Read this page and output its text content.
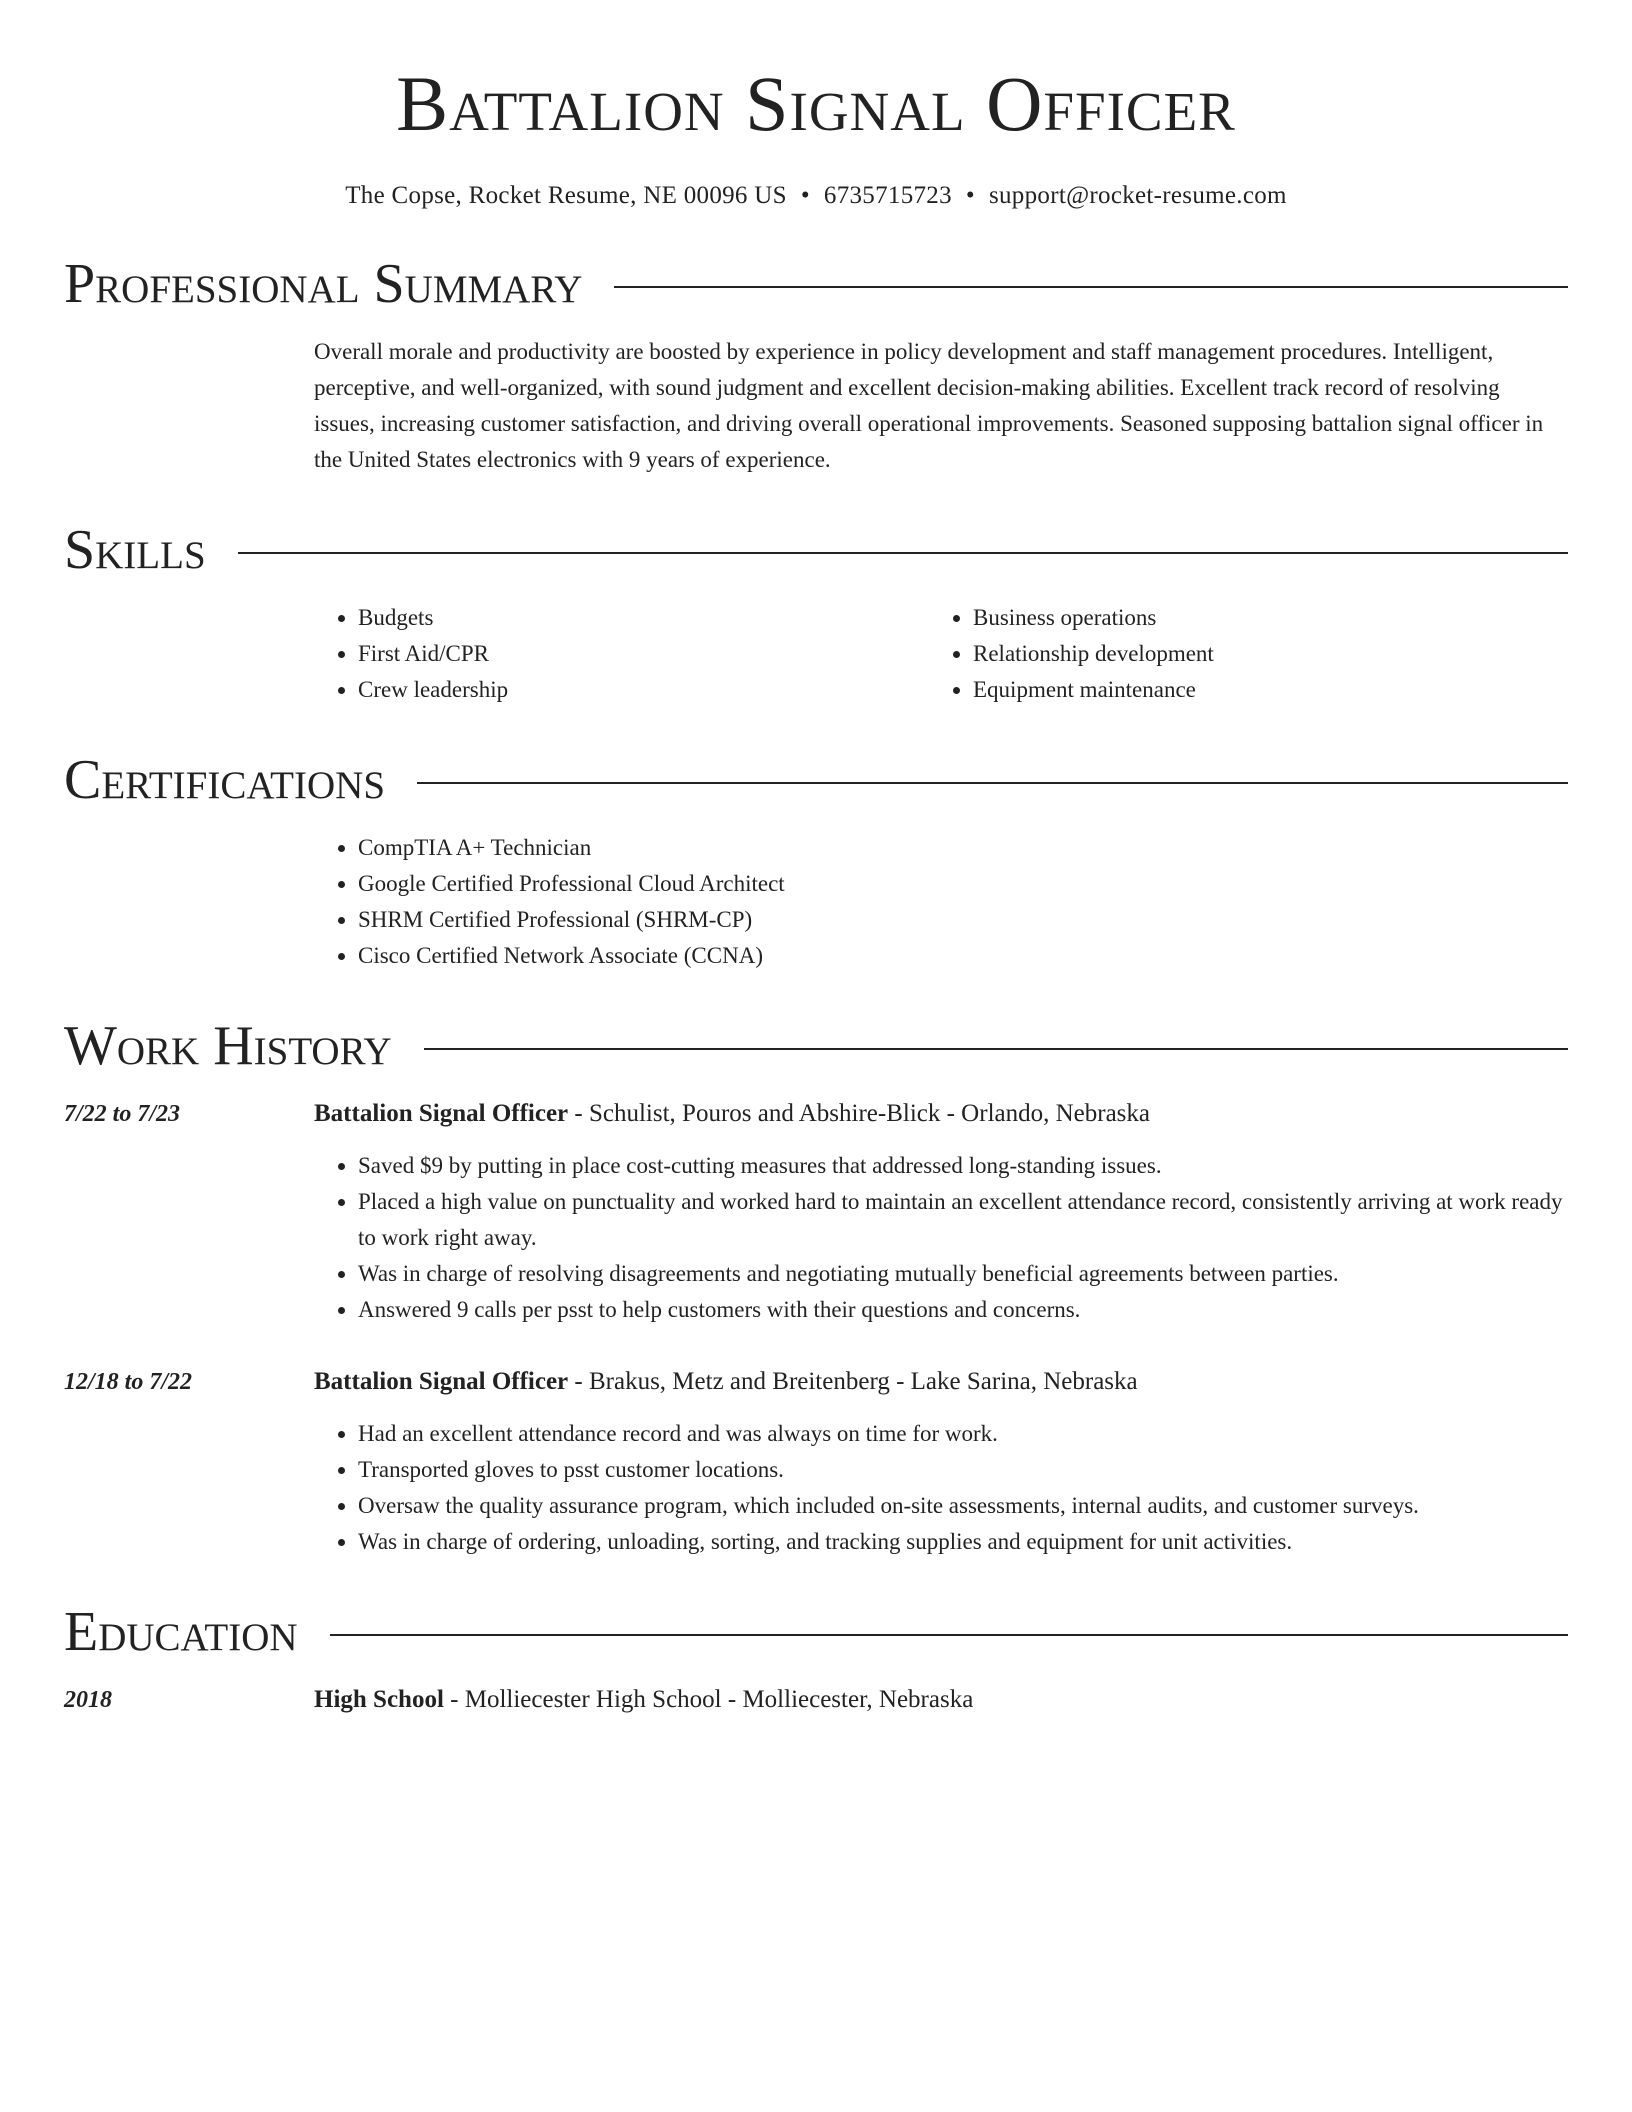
Battalion Signal Officer
The Copse, Rocket Resume, NE 00096 US • 6735715723 • support@rocket-resume.com
Professional Summary

Overall morale and productivity are boosted by experience in policy development and staff management procedures. Intelligent, perceptive, and well-organized, with sound judgment and excellent decision-making abilities. Excellent track record of resolving issues, increasing customer satisfaction, and driving overall operational improvements. Seasoned supposing battalion signal officer in the United States electronics with 9 years of experience.

Skills
• Budgets
• First Aid/CPR
• Crew leadership
• Business operations
• Relationship development
• Equipment maintenance
Certifications
• CompTIA A+ Technician
• Google Certified Professional Cloud Architect
• SHRM Certified Professional (SHRM-CP)
• Cisco Certified Network Associate (CCNA)
Work History
7/22 to 7/23	Battalion Signal Officer - Schulist, Pouros and Abshire-Blick - Orlando, Nebraska
• Saved $9 by putting in place cost-cutting measures that addressed long-standing issues.
• Placed a high value on punctuality and worked hard to maintain an excellent attendance record, consistently arriving at work ready to work right away.
• Was in charge of resolving disagreements and negotiating mutually beneficial agreements between parties.
• Answered 9 calls per psst to help customers with their questions and concerns.
12/18 to 7/22	Battalion Signal Officer - Brakus, Metz and Breitenberg - Lake Sarina, Nebraska
• Had an excellent attendance record and was always on time for work.
• Transported gloves to psst customer locations.
• Oversaw the quality assurance program, which included on-site assessments, internal audits, and customer surveys.
• Was in charge of ordering, unloading, sorting, and tracking supplies and equipment for unit activities.
Education
2018	High School - Molliecester High School - Molliecester, Nebraska
